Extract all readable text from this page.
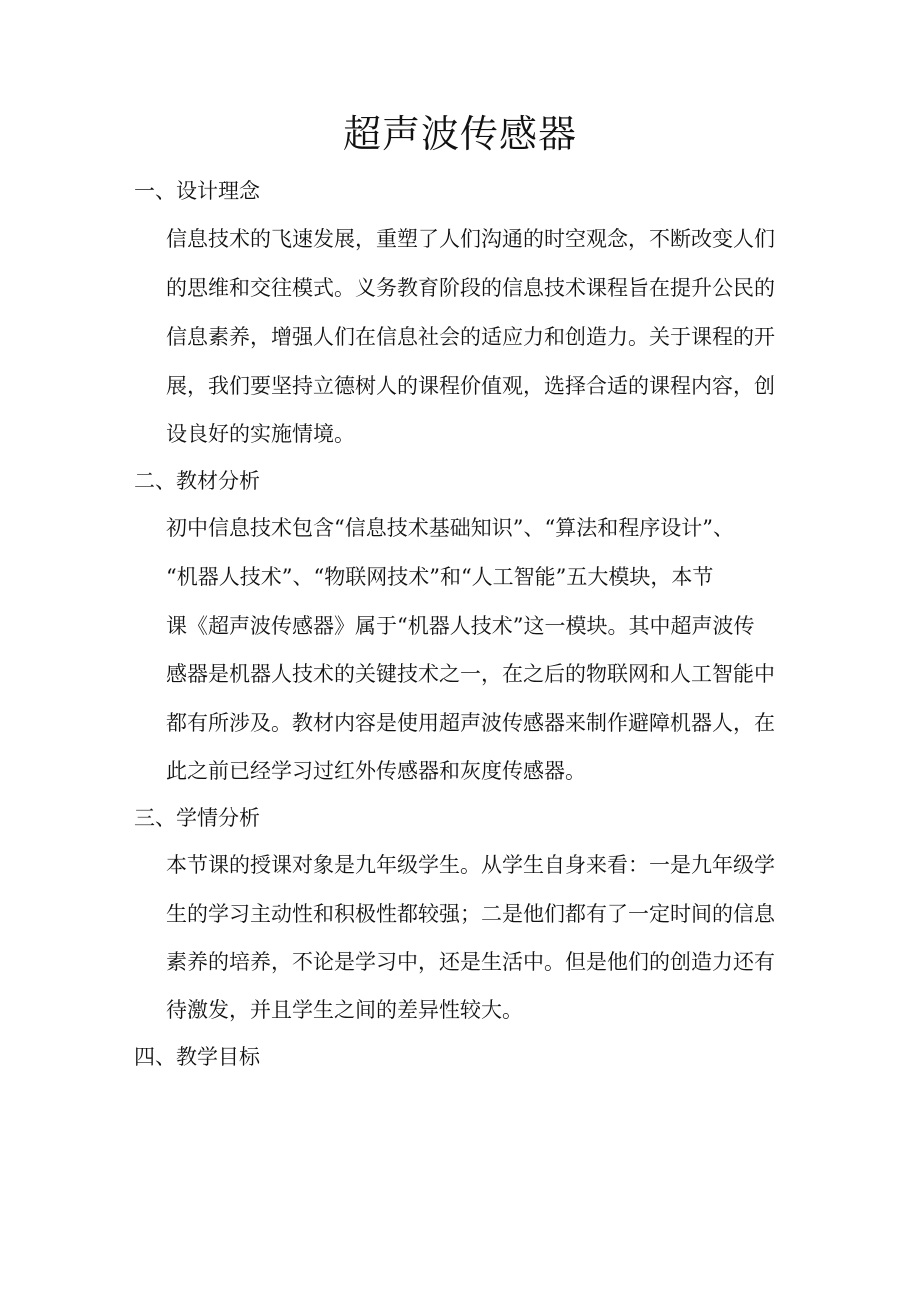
超声波传感器
一、设计理念
信息技术的飞速发展，重塑了人们沟通的时空观念，不断改变人们
的思维和交往模式。义务教育阶段的信息技术课程旨在提升公民的
信息素养，增强人们在信息社会的适应力和创造力。关于课程的开
展，我们要坚持立德树人的课程价值观，选择合适的课程内容，创
设良好的实施情境。
二、教材分析
初中信息技术包含“信息技术基础知识”、“算法和程序设计”、
“机器人技术”、“物联网技术”和“人工智能”五大模块，本节
课《超声波传感器》属于“机器人技术”这一模块。其中超声波传
感器是机器人技术的关键技术之一，在之后的物联网和人工智能中
都有所涉及。教材内容是使用超声波传感器来制作避障机器人，在
此之前已经学习过红外传感器和灰度传感器。
三、学情分析
本节课的授课对象是九年级学生。从学生自身来看：一是九年级学
生的学习主动性和积极性都较强；二是他们都有了一定时间的信息
素养的培养，不论是学习中，还是生活中。但是他们的创造力还有
待激发，并且学生之间的差异性较大。
四、教学目标
